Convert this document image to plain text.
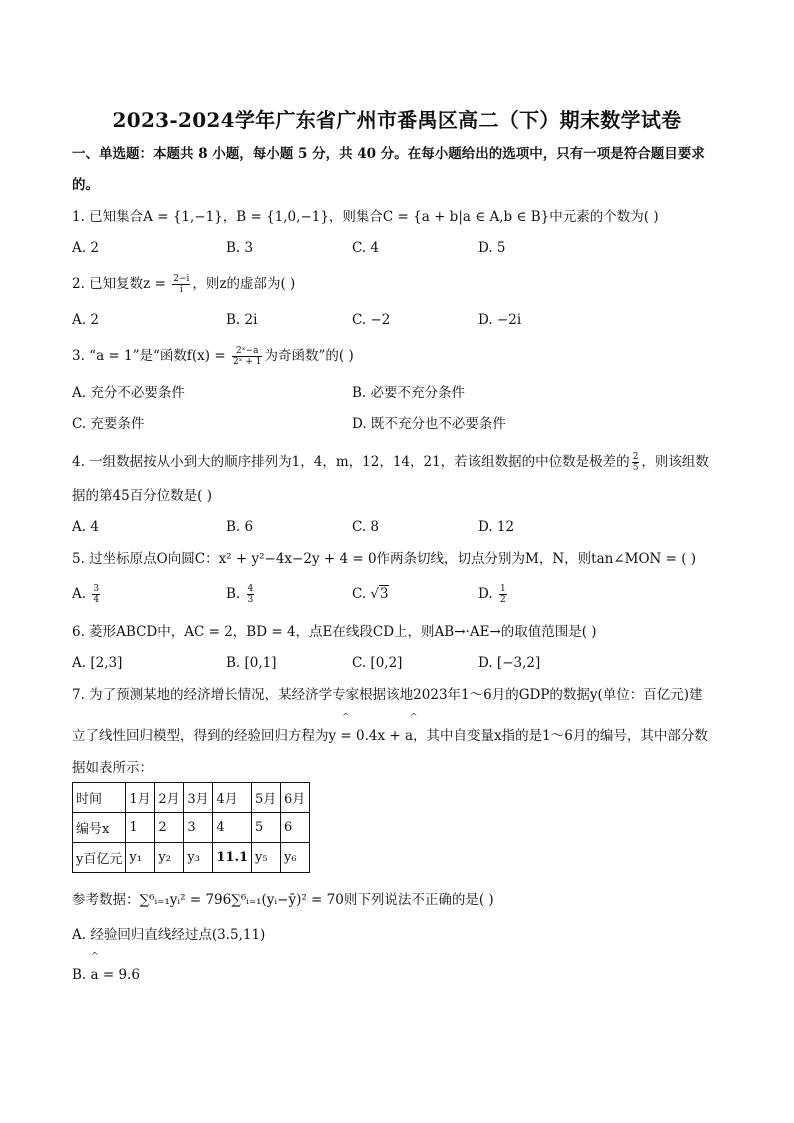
2023-2024学年广东省广州市番禺区高二（下）期末数学试卷
一、单选题：本题共 8 小题，每小题 5 分，共 40 分。在每小题给出的选项中，只有一项是符合题目要求
的。
1. 已知集合A = {1,−1}，B = {1,0,−1}，则集合C = {a + b|a ∈ A,b ∈ B}中元素的个数为( )
A. 2	B. 3	C. 4	D. 5
2. 已知复数$z = \frac{2-i}{i}$ ，则z的虚部为( )
A. 2	B. 2i	C. −2	D. −2i
3. “a = 1”是“函数$f(x) = \frac{\text{2ˣ−a}}{\text{2ˣ + 1}}$ 为奇函数”的( )
A. 充分不必要条件	B. 必要不充分条件
C. 充要条件	D. 既不充分也不必要条件
4. 一组数据按从小到大的顺序排列为1，4，m，12，14，21，若该组数据的中位数是极差的 $\frac{2}{5}$ ，则该组数
据的第45百分位数是( )
A. 4	B. 6	C. 8	D. 12
5. 过坐标原点O向圆C：x² + y²−4x−2y + 4 = 0作两条切线，切点分别为M，N，则tan∠MON = ( )
A. $\frac{3}{4}$	B. $\frac{4}{3}$	C. √3	D. $\frac{1}{2}$
6. 菱形ABCD中，AC = 2，BD = 4，点E在线段CD上，则AB→·AE→的取值范围是( )
A. [2,3]	B. [0,1]	C. [0,2]	D. [−3,2]
7. 为了预测某地的经济增长情况，某经济学专家根据该地2023年1～6月的GDP的数据y(单位：百亿元)建
^	^
立了线性回归模型，得到的经验回归方程为y = 0.4x + a，其中自变量x指的是1～6月的编号，其中部分数
据如表所示：
时间	1月	2月	3月	4月	5月	6月
编号x	1	2	3	4	5	6
y百亿元	y₁	y₂	y₃	11.1	y₅	y₆
参考数据：∑⁶ᵢ₌₁yᵢ² = 796∑⁶ᵢ₌₁(yᵢ−ȳ)² = 70则下列说法不正确的是( )
A. 经验回归直线经过点(3.5,11)
^
B. a = 9.6
